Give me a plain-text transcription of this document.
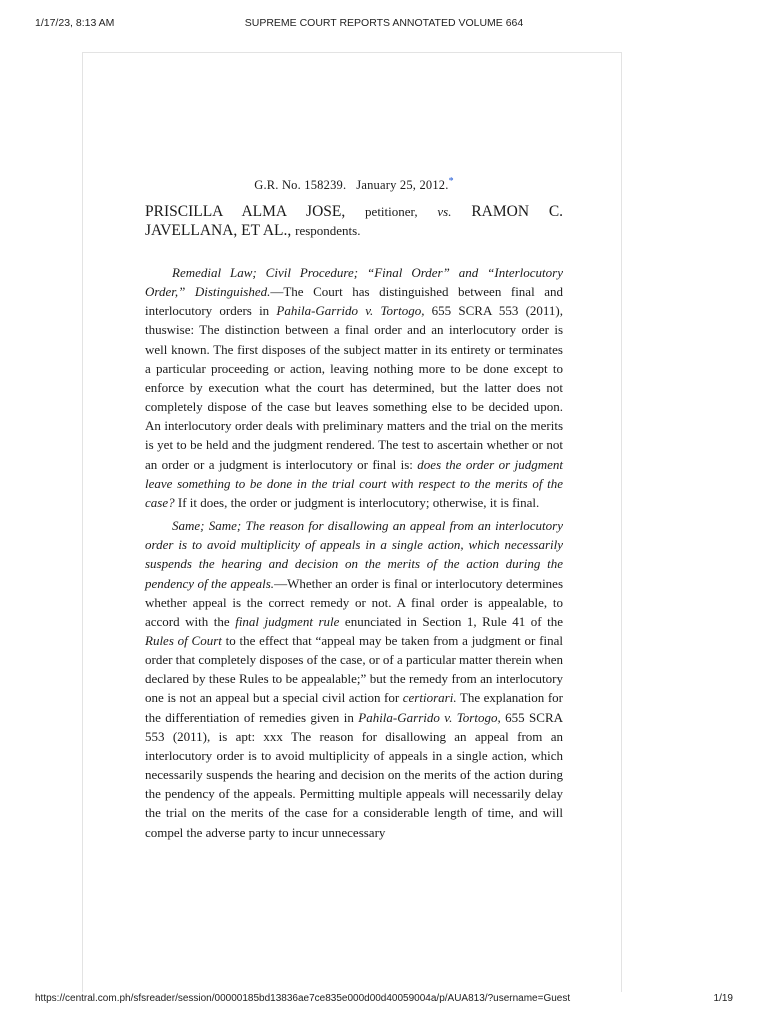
1/17/23, 8:13 AM	SUPREME COURT REPORTS ANNOTATED VOLUME 664
G.R. No. 158239. January 25, 2012.*
PRISCILLA ALMA JOSE, petitioner, vs. RAMON C. JAVELLANA, ET AL., respondents.

Remedial Law; Civil Procedure; “Final Order” and “Interlocutory Order,” Distinguished.—The Court has distinguished between final and interlocutory orders in Pahila-Garrido v. Tortogo, 655 SCRA 553 (2011), thuswise: The distinction between a final order and an interlocutory order is well known. The first disposes of the subject matter in its entirety or terminates a particular proceeding or action, leaving nothing more to be done except to enforce by execution what the court has determined, but the latter does not completely dispose of the case but leaves something else to be decided upon. An interlocutory order deals with preliminary matters and the trial on the merits is yet to be held and the judgment rendered. The test to ascertain whether or not an order or a judgment is interlocutory or final is: does the order or judgment leave something to be done in the trial court with respect to the merits of the case? If it does, the order or judgment is interlocutory; otherwise, it is final.

Same; Same; The reason for disallowing an appeal from an interlocutory order is to avoid multiplicity of appeals in a single action, which necessarily suspends the hearing and decision on the merits of the action during the pendency of the appeals.—Whether an order is final or interlocutory determines whether appeal is the correct remedy or not. A final order is appealable, to accord with the final judgment rule enunciated in Section 1, Rule 41 of the Rules of Court to the effect that “appeal may be taken from a judgment or final order that completely disposes of the case, or of a particular matter therein when declared by these Rules to be appealable;” but the remedy from an interlocutory one is not an appeal but a special civil action for certiorari. The explanation for the differentiation of remedies given in Pahila-Garrido v. Tortogo, 655 SCRA 553 (2011), is apt: xxx The reason for disallowing an appeal from an interlocutory order is to avoid multiplicity of appeals in a single action, which necessarily suspends the hearing and decision on the merits of the action during the pendency of the appeals. Permitting multiple appeals will necessarily delay the trial on the merits of the case for a considerable length of time, and will compel the adverse party to incur unnecessary

https://central.com.ph/sfsreader/session/00000185bd13836ae7ce835e000d00d40059004a/p/AUA813/?username=Guest	1/19
